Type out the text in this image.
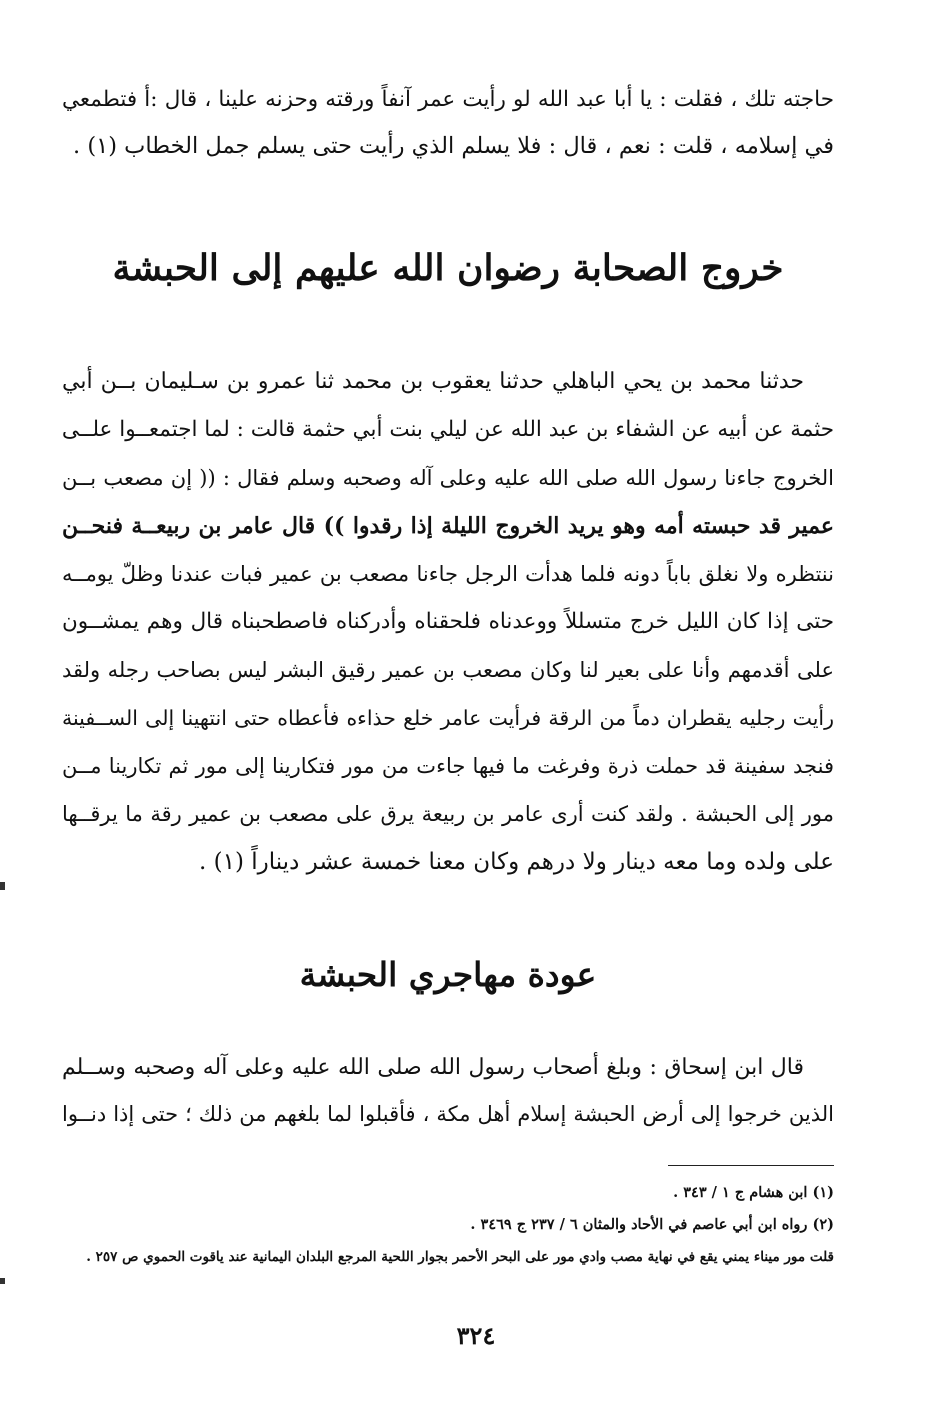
حاجته تلك ، فقلت : يا أبا عبد الله لو رأيت عمر آنفاً ورقته وحزنه علينا ، قال :أ فتطمعي
في إسلامه ، قلت : نعم ، قال : فلا يسلم الذي رأيت حتى يسلم جمل الخطاب (١) .
خروج الصحابة رضوان الله عليهم إلى الحبشة
حدثنا محمد بن يحي الباهلي حدثنا يعقوب بن محمد ثنا عمرو بن سـليمان بــن أبي
حثمة عن أبيه عن الشفاء بن عبد الله عن ليلي بنت أبي حثمة قالت : لما اجتمعــوا علــى
الخروج جاءنا رسول الله صلى الله عليه وعلى آله وصحبه وسلم فقال : (( إن مصعب بــن
عمير قد حبسته أمه وهو يريد الخروج الليلة إذا رقدوا )) قال عامر بن ربيعــة فنحــن
ننتظره ولا نغلق باباً دونه فلما هدأت الرجل جاءنا مصعب بن عمير فبات عندنا وظلّ يومــه
حتى إذا كان الليل خرج متسللاً ووعدناه فلحقناه وأدركناه فاصطحبناه قال وهم يمشــون
على أقدمهم وأنا على بعير لنا وكان مصعب بن عمير رقيق البشر ليس بصاحب رجله ولقد
رأيت رجليه يقطران دماً من الرقة فرأيت عامر خلع حذاءه فأعطاه حتى انتهينا إلى الســفينة
فنجد سفينة قد حملت ذرة وفرغت ما فيها جاءت من مور فتكارينا إلى مور ثم تكارينا مــن
مور إلى الحبشة . ولقد كنت أرى عامر بن ربيعة يرق على مصعب بن عمير رقة ما يرقــها
على ولده وما معه دينار ولا درهم وكان معنا خمسة عشر ديناراً (١) .
عودة مهاجري الحبشة
قال ابن إسحاق : وبلغ أصحاب رسول الله صلى الله عليه وعلى آله وصحبه وســلم
الذين خرجوا إلى أرض الحبشة إسلام أهل مكة ، فأقبلوا لما بلغهم من ذلك ؛ حتى إذا دنــوا
(١) ابن هشام ج ١ / ٣٤٣ .
(٢) رواه ابن أبي عاصم في الأحاد والمثان ٦ / ٢٣٧ ج ٣٤٦٩ .
قلت مور ميناء يمني يقع في نهاية مصب وادي مور على البحر الأحمر بجوار اللحية المرجع البلدان اليمانية عند ياقوت الحموي ص ٢٥٧ .
٣٢٤
